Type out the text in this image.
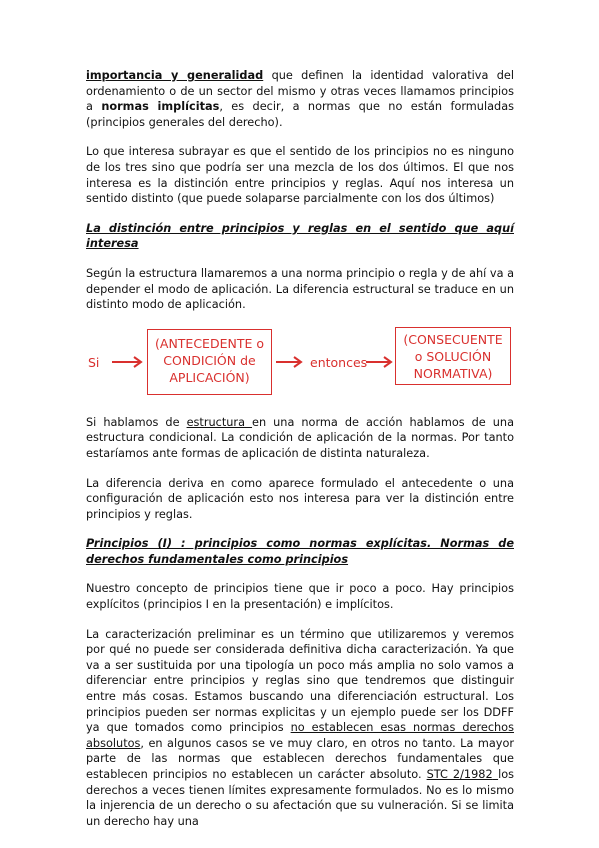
importancia y generalidad que definen la identidad valorativa del ordenamiento o de un sector del mismo y otras veces llamamos principios a normas implícitas, es decir, a normas que no están formuladas (principios generales del derecho).

Lo que interesa subrayar es que el sentido de los principios no es ninguno de los tres sino que podría ser una mezcla de los dos últimos. El que nos interesa es la distinción entre principios y reglas. Aquí nos interesa un sentido distinto (que puede solaparse parcialmente con los dos últimos)

La distinción entre principios y reglas en el sentido que aquí interesa

Según la estructura llamaremos a una norma principio o regla y de ahí va a depender el modo de aplicación. La diferencia estructural se traduce en un distinto modo de aplicación.

Si
(ANTECEDENTE o
CONDICIÓN de
APLICACIÓN)
entonces
(CONSECUENTE
o SOLUCIÓN
NORMATIVA)

Si hablamos de estructura en una norma de acción hablamos de una estructura condicional. La condición de aplicación de la normas. Por tanto estaríamos ante formas de aplicación de distinta naturaleza.

La diferencia deriva en como aparece formulado el antecedente o una configuración de aplicación esto nos interesa para ver la distinción entre principios y reglas.

Principios (I) : principios como normas explícitas. Normas de derechos fundamentales como principios

Nuestro concepto de principios tiene que ir poco a poco. Hay principios explícitos (principios I en la presentación) e implícitos.

La caracterización preliminar es un término que utilizaremos y veremos por qué no puede ser considerada definitiva dicha caracterización. Ya que va a ser sustituida por una tipología un poco más amplia no solo vamos a diferenciar entre principios y reglas sino que tendremos que distinguir entre más cosas. Estamos buscando una diferenciación estructural. Los principios pueden ser normas explicitas y un ejemplo puede ser los DDFF ya que tomados como principios no establecen esas normas derechos absolutos, en algunos casos se ve muy claro, en otros no tanto. La mayor parte de las normas que establecen derechos fundamentales que establecen principios no establecen un carácter absoluto. STC 2/1982 los derechos a veces tienen límites expresamente formulados. No es lo mismo la injerencia de un derecho o su afectación que su vulneración. Si se limita un derecho hay una
